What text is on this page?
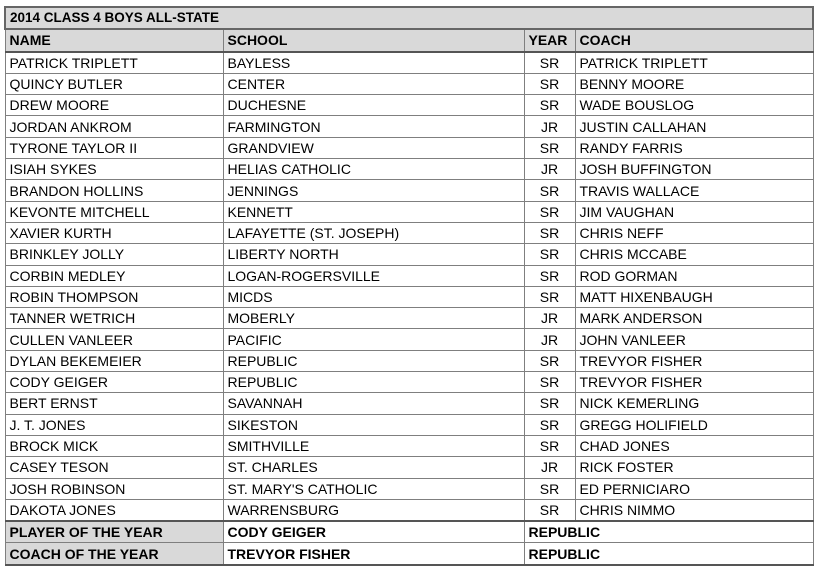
2014 CLASS 4 BOYS ALL-STATE			
NAME	SCHOOL	YEAR	COACH
PATRICK TRIPLETT	BAYLESS	SR	PATRICK TRIPLETT
QUINCY BUTLER	CENTER	SR	BENNY MOORE
DREW MOORE	DUCHESNE	SR	WADE BOUSLOG
JORDAN ANKROM	FARMINGTON	JR	JUSTIN CALLAHAN
TYRONE TAYLOR II	GRANDVIEW	SR	RANDY FARRIS
ISIAH SYKES	HELIAS CATHOLIC	JR	JOSH BUFFINGTON
BRANDON HOLLINS	JENNINGS	SR	TRAVIS WALLACE
KEVONTE MITCHELL	KENNETT	SR	JIM VAUGHAN
XAVIER KURTH	LAFAYETTE (ST. JOSEPH)	SR	CHRIS NEFF
BRINKLEY JOLLY	LIBERTY NORTH	SR	CHRIS MCCABE
CORBIN MEDLEY	LOGAN-ROGERSVILLE	SR	ROD GORMAN
ROBIN THOMPSON	MICDS	SR	MATT HIXENBAUGH
TANNER WETRICH	MOBERLY	JR	MARK ANDERSON
CULLEN VANLEER	PACIFIC	JR	JOHN VANLEER
DYLAN BEKEMEIER	REPUBLIC	SR	TREVYOR FISHER
CODY GEIGER	REPUBLIC	SR	TREVYOR FISHER
BERT ERNST	SAVANNAH	SR	NICK KEMERLING
J. T. JONES	SIKESTON	SR	GREGG HOLIFIELD
BROCK MICK	SMITHVILLE	SR	CHAD JONES
CASEY TESON	ST. CHARLES	JR	RICK FOSTER
JOSH ROBINSON	ST. MARY'S CATHOLIC	SR	ED PERNICIARO
DAKOTA JONES	WARRENSBURG	SR	CHRIS NIMMO
PLAYER OF THE YEAR	CODY GEIGER	REPUBLIC	
COACH OF THE YEAR	TREVYOR FISHER	REPUBLIC	
